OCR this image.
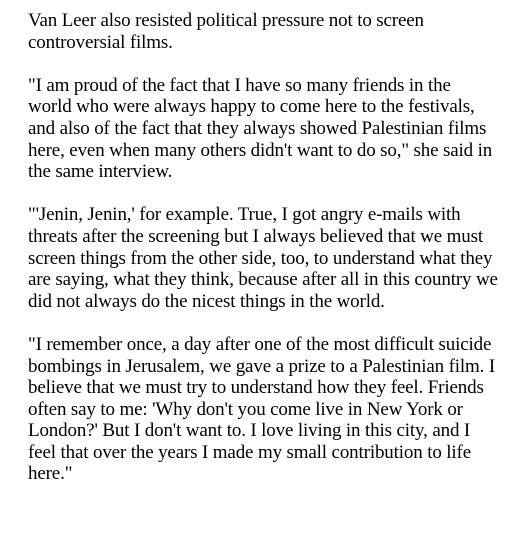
Van Leer also resisted political pressure not to screen controversial films.

"I am proud of the fact that I have so many friends in the world who were always happy to come here to the festivals, and also of the fact that they always showed Palestinian films here, even when many others didn't want to do so," she said in the same interview.

"'Jenin, Jenin,' for example. True, I got angry e-mails with threats after the screening but I always believed that we must screen things from the other side, too, to understand what they are saying, what they think, because after all in this country we did not always do the nicest things in the world.

"I remember once, a day after one of the most difficult suicide bombings in Jerusalem, we gave a prize to a Palestinian film. I believe that we must try to understand how they feel. Friends often say to me: 'Why don't you come live in New York or London?' But I don't want to. I love living in this city, and I feel that over the years I made my small contribution to life here."
